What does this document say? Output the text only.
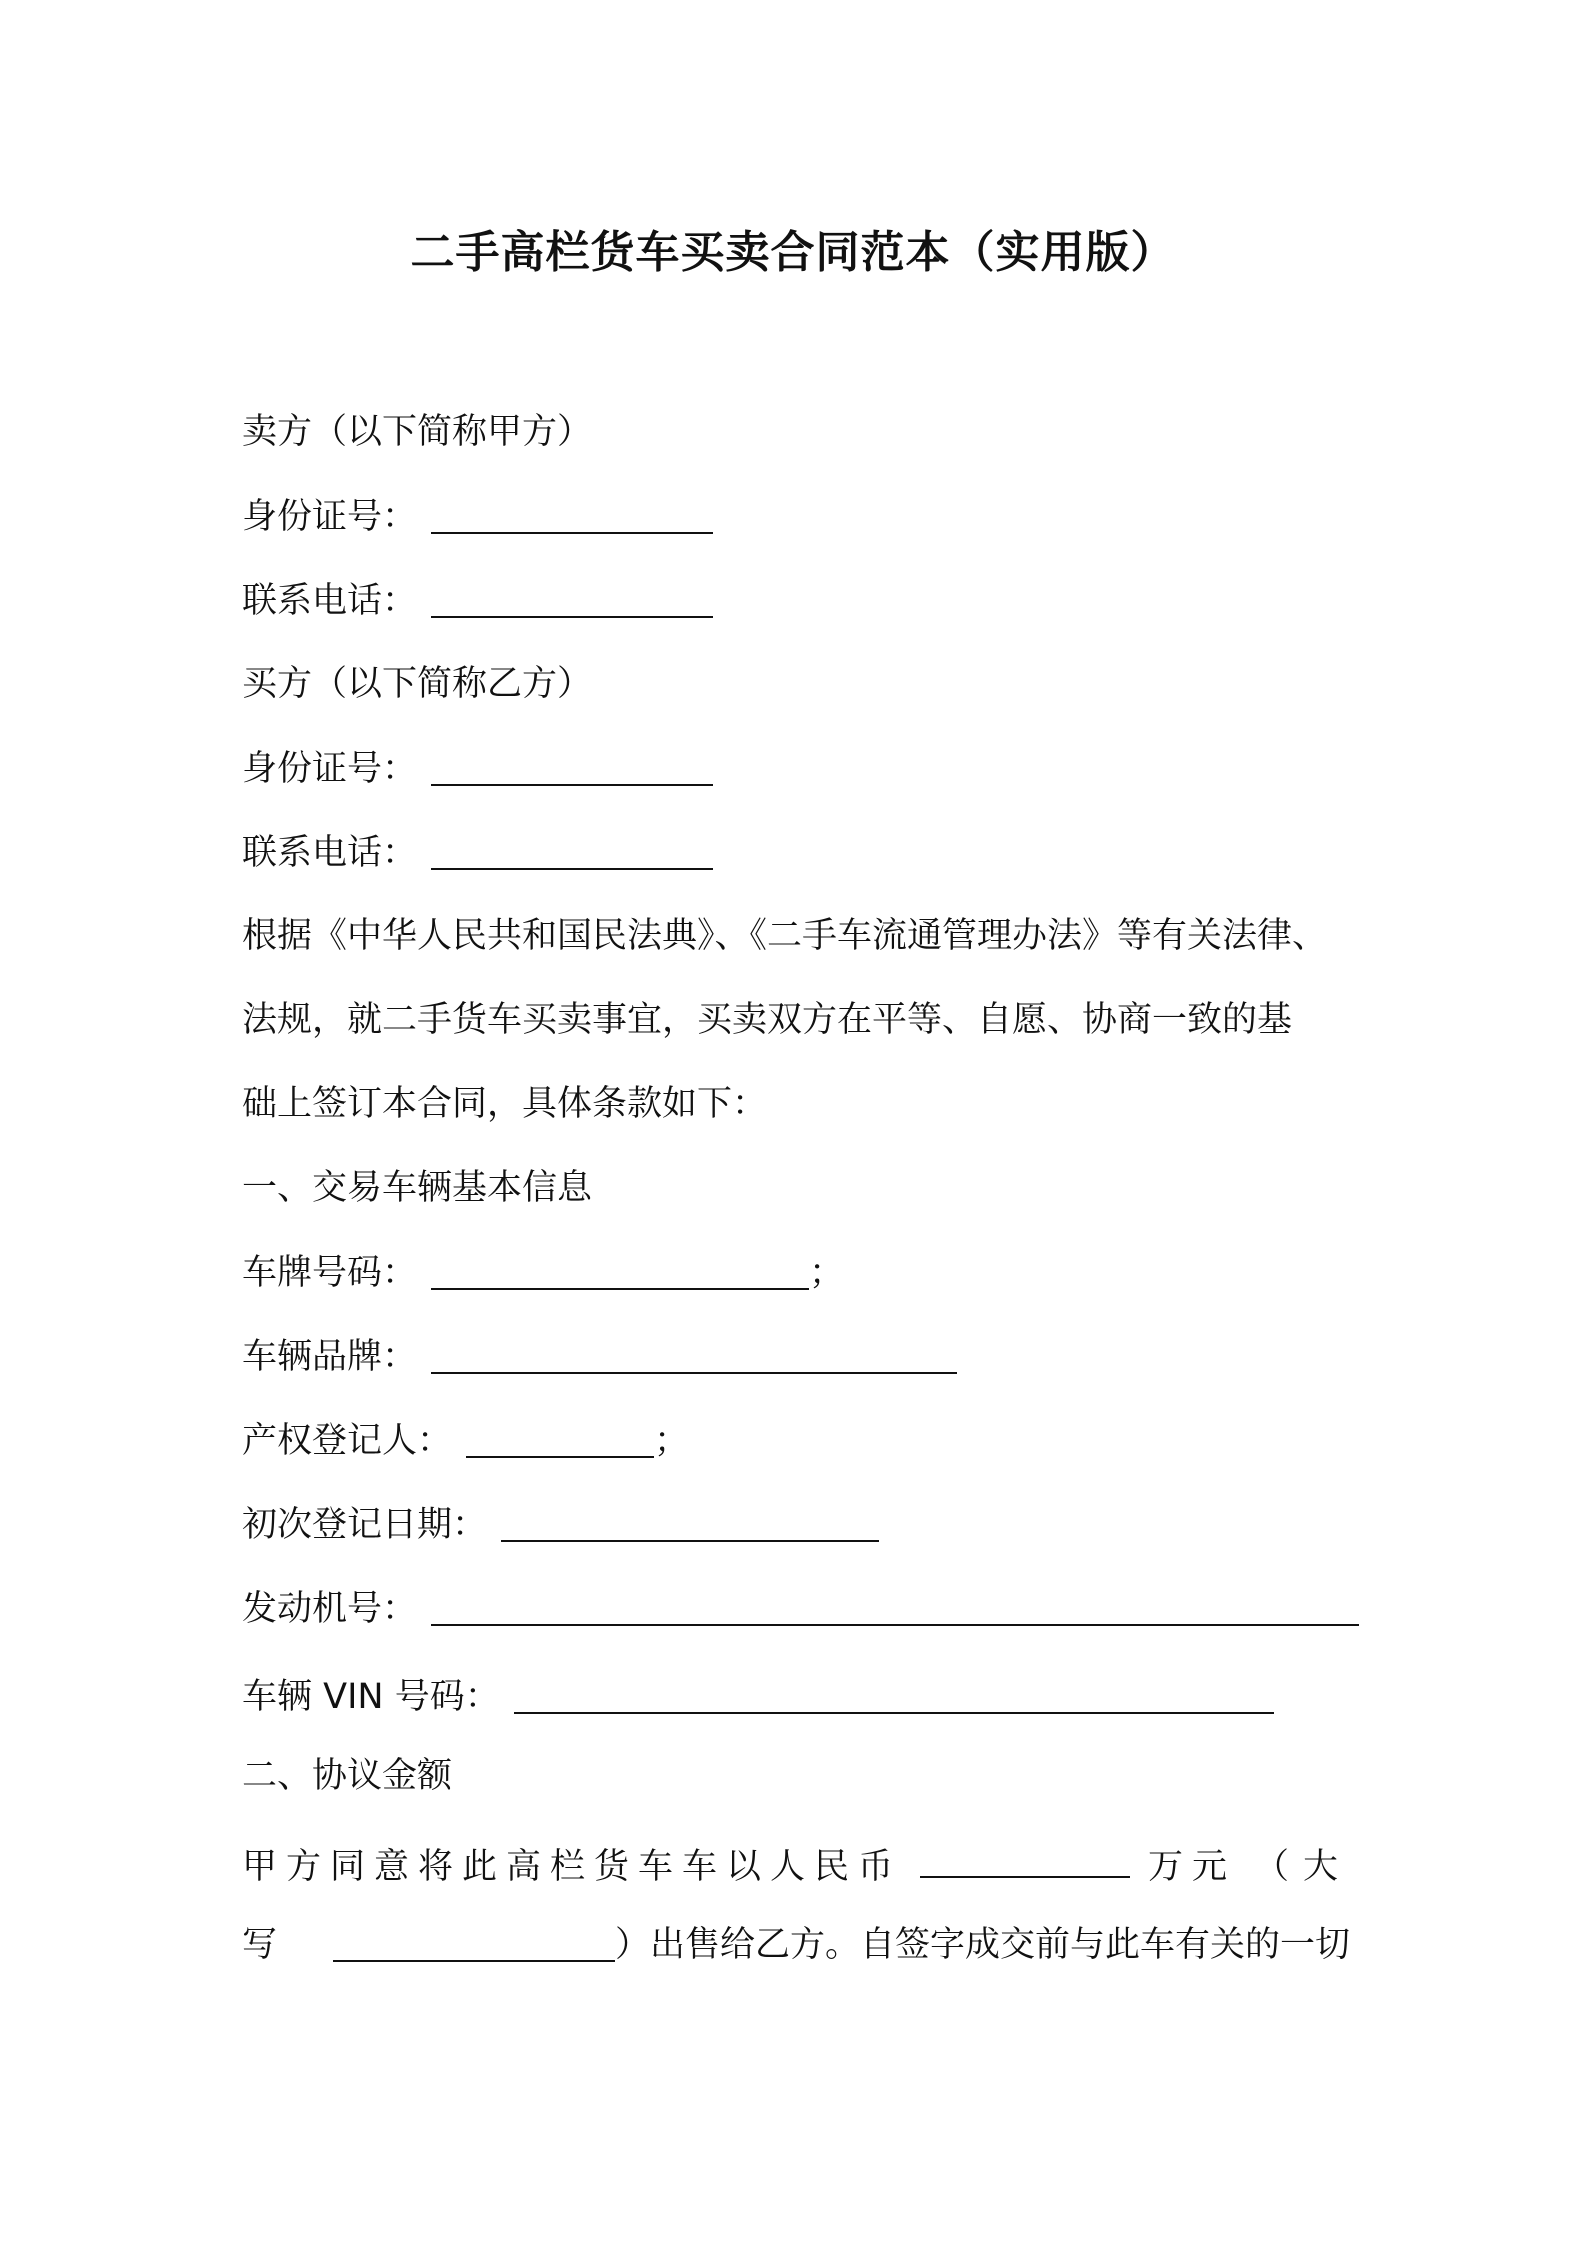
二手高栏货车买卖合同范本（实用版）
卖方（以下简称甲方）
身份证号：
联系电话：
买方（以下简称乙方）
身份证号：
联系电话：
根据《中华人民共和国民法典》、《二手车流通管理办法》等有关法律、
法规，就二手货车买卖事宜，买卖双方在平等、自愿、协商一致的基
础上签订本合同，具体条款如下：
一、交易车辆基本信息
车牌号码：	；
车辆品牌：
产权登记人：	；
初次登记日期：
发动机号：
车辆 VIN 号码：
二、协议金额
甲方同意将此高栏货车车以人民币	万元 （大
写	）出售给乙方。自签字成交前与此车有关的一切
